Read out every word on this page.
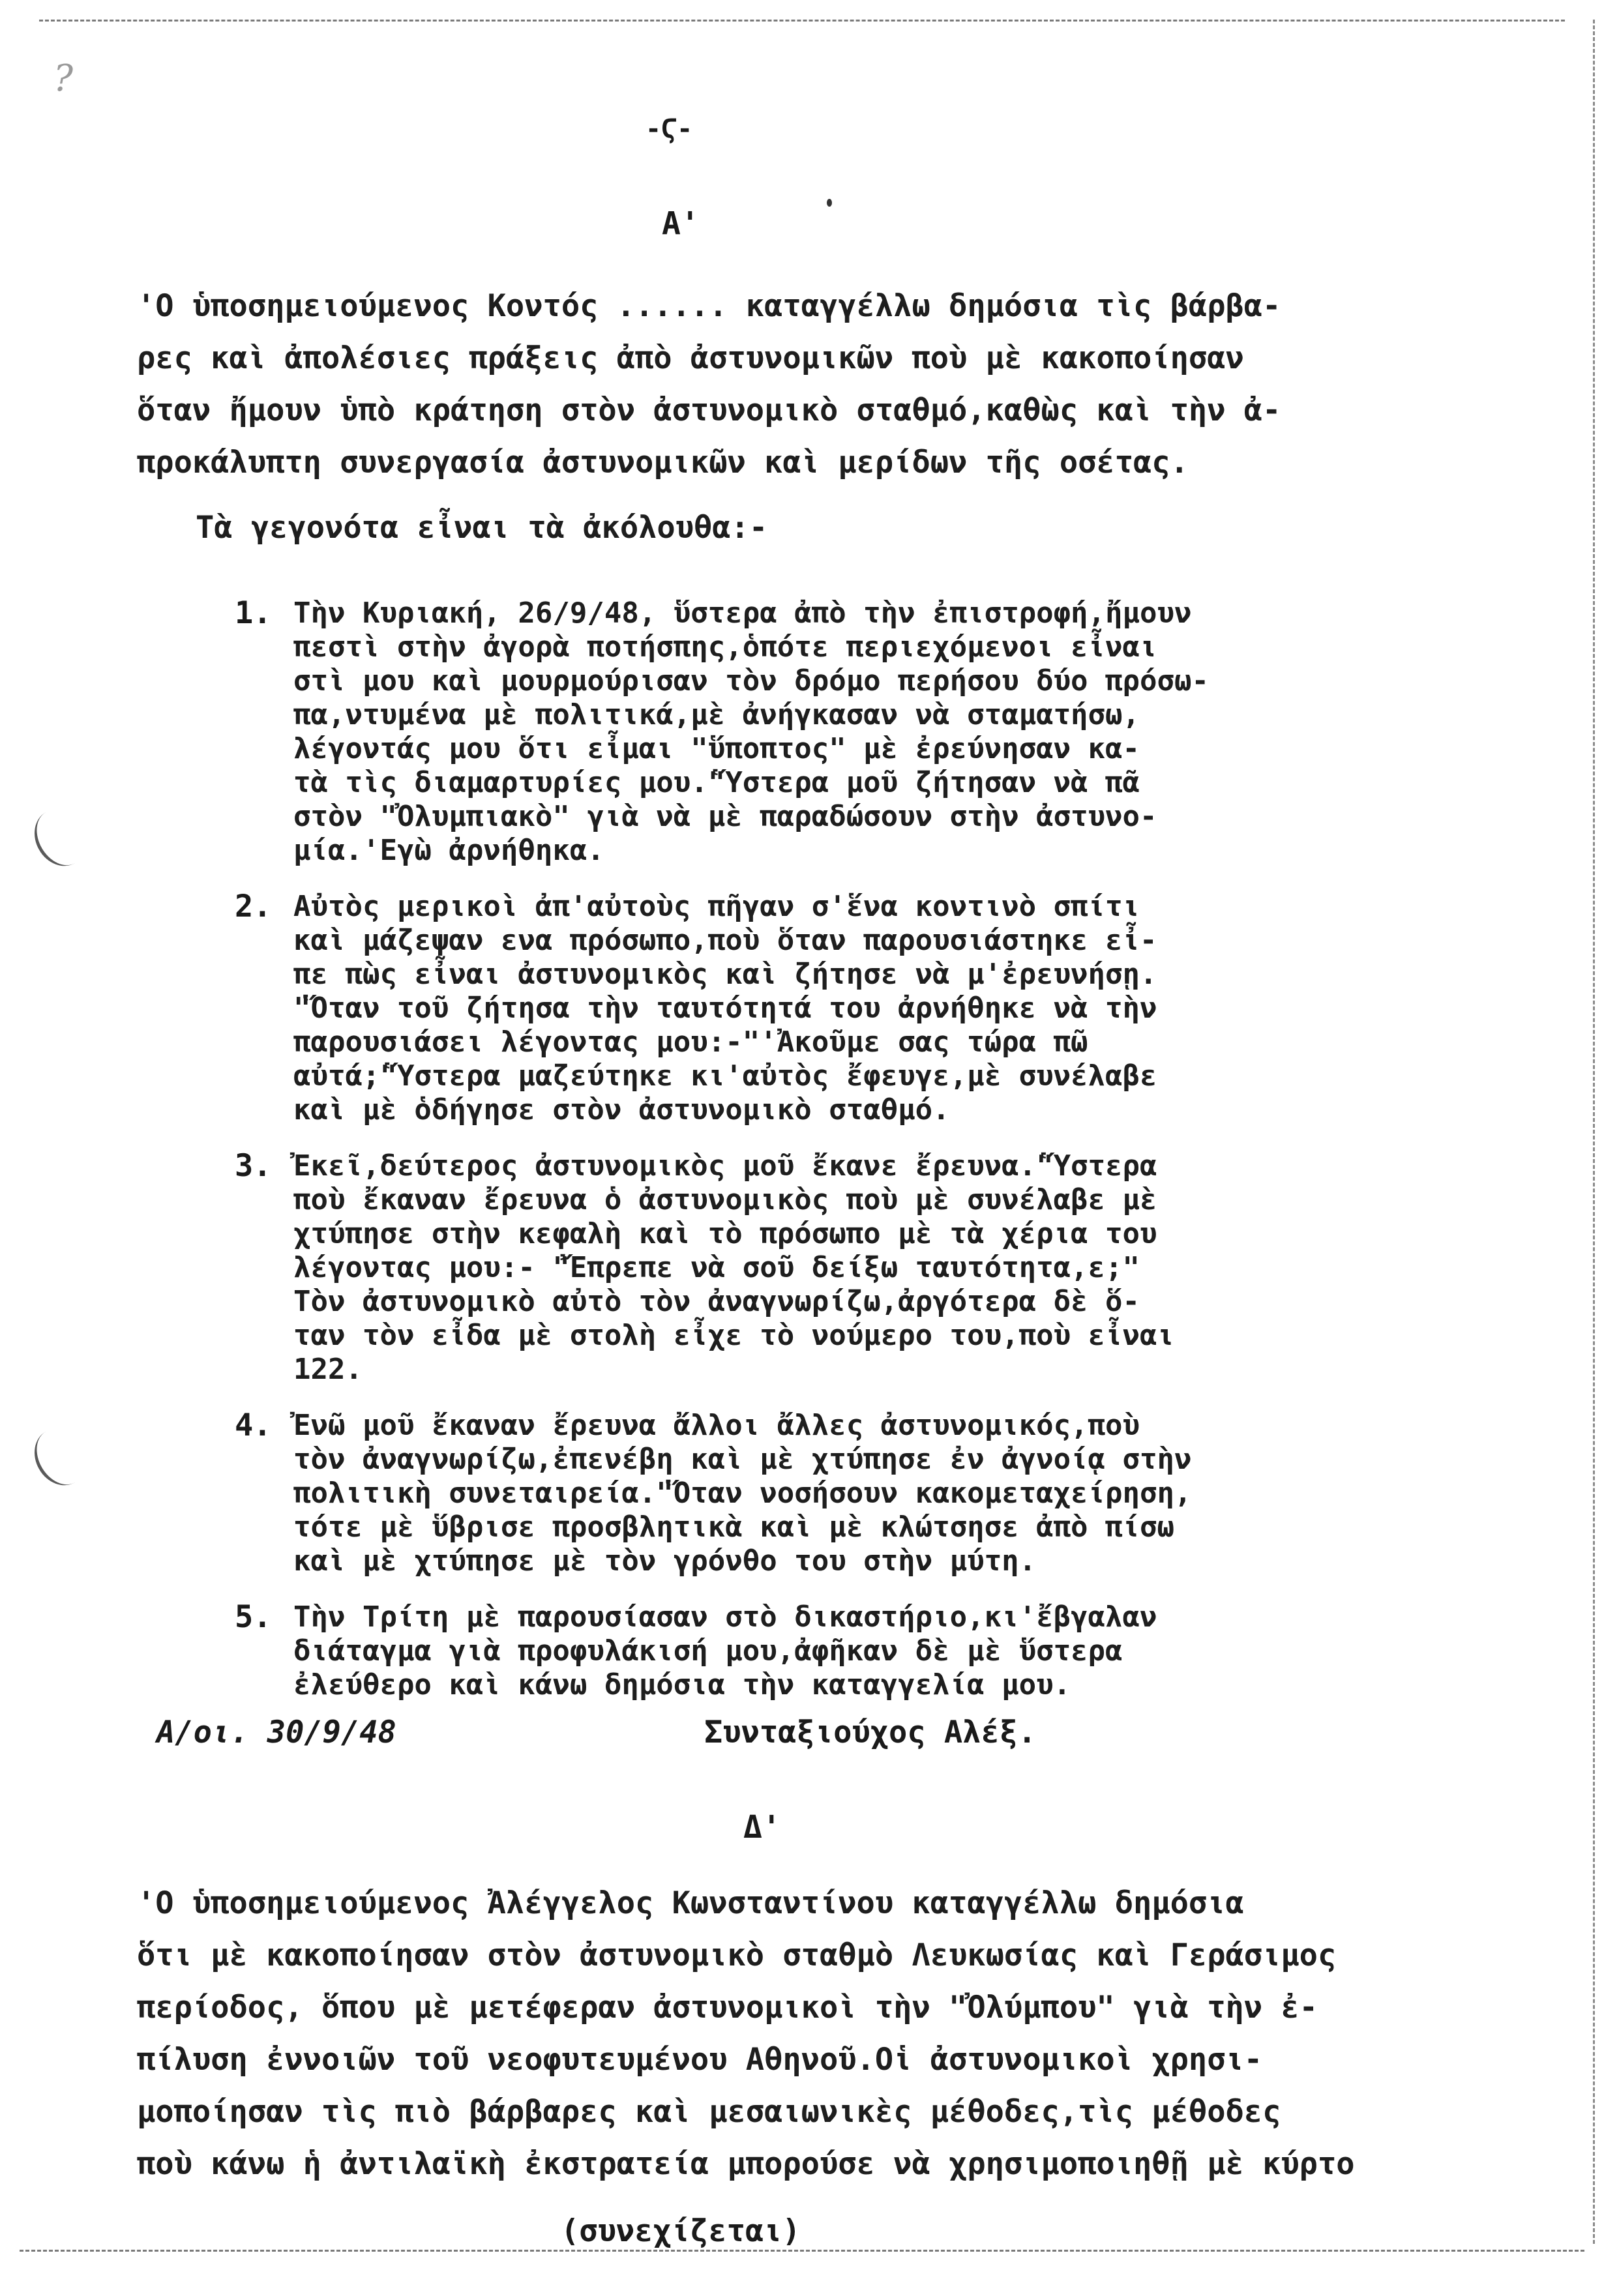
?
-Ϛ-
Α'

'Ο ὑποσημειούμενος Κοντός ...... καταγγέλλω δημόσια τὶς βάρβα-
ρες καὶ ἀπολέσιες πράξεις ἀπὸ ἀστυνομικῶν ποὺ μὲ κακοποίησαν
ὅταν ἤμουν ὑπὸ κράτηση στὸν ἀστυνομικὸ σταθμό,καθὼς καὶ τὴν ἀ-
προκάλυπτη συνεργασία ἀστυνομικῶν καὶ μερίδων τῆς οσέτας.

Τὰ γεγονότα εἶναι τὰ ἀκόλουθα:-

1. Τὴν Κυριακή, 26/9/48, ὕστερα ἀπὸ τὴν ἐπιστροφή,ἤμουν
πεστὶ στὴν ἀγορὰ ποτήσπης,ὁπότε περιεχόμενοι εἶναι
στὶ μου καὶ μουρμούρισαν τὸν δρόμο περήσου δύο πρόσω-
πα,ντυμένα μὲ πολιτικά,μὲ ἀνήγκασαν νὰ σταματήσω,
λέγοντάς μου ὅτι εἶμαι "ὕποπτος" μὲ ἐρεύνησαν κα-
τὰ τὶς διαμαρτυρίες μου."Ὕστερα μοῦ ζήτησαν νὰ πᾶ
στὸν "Ὀλυμπιακὸ" γιὰ νὰ μὲ παραδώσουν στὴν ἀστυνο-
μία.'Εγὼ ἀρνήθηκα.
2. Αὐτὸς μερικοὶ ἀπ'αὐτοὺς πῆγαν σ'ἕνα κοντινὸ σπίτι
καὶ μάζεψαν ενα πρόσωπο,ποὺ ὅταν παρουσιάστηκε εἶ-
πε πὼς εἶναι ἀστυνομικὸς καὶ ζήτησε νὰ μ'ἐρευνήσῃ.
"Ὅταν τοῦ ζήτησα τὴν ταυτότητά του ἀρνήθηκε νὰ τὴν
παρουσιάσει λέγοντας μου:-"'Ἀκοῦμε σας τώρα πῶ
αὐτά;"Ὕστερα μαζεύτηκε κι'αὐτὸς ἔφευγε,μὲ συνέλαβε
καὶ μὲ ὁδήγησε στὸν ἀστυνομικὸ σταθμό.
3. Ἐκεῖ,δεύτερος ἀστυνομικὸς μοῦ ἔκανε ἔρευνα."Ὕστερα
ποὺ ἔκαναν ἔρευνα ὁ ἀστυνομικὸς ποὺ μὲ συνέλαβε μὲ
χτύπησε στὴν κεφαλὴ καὶ τὸ πρόσωπο μὲ τὰ χέρια του
λέγοντας μου:- "Ἔπρεπε νὰ σοῦ δείξω ταυτότητα,ε;"
Τὸν ἀστυνομικὸ αὐτὸ τὸν ἀναγνωρίζω,ἀργότερα δὲ ὅ-
ταν τὸν εἶδα μὲ στολὴ εἶχε τὸ νούμερο του,ποὺ εἶναι
122.
4. Ἐνῶ μοῦ ἔκαναν ἔρευνα ἄλλοι ἄλλες ἀστυνομικός,ποὺ
τὸν ἀναγνωρίζω,ἐπενέβη καὶ μὲ χτύπησε ἐν ἀγνοίᾳ στὴν
πολιτικὴ συνεταιρεία."Ὅταν νοσήσουν κακομεταχείρηση,
τότε μὲ ὕβρισε προσβλητικὰ καὶ μὲ κλώτσησε ἀπὸ πίσω
καὶ μὲ χτύπησε μὲ τὸν γρόνθο του στὴν μύτη.
5. Τὴν Τρίτη μὲ παρουσίασαν στὸ δικαστήριο,κι'ἔβγαλαν
διάταγμα γιὰ προφυλάκισή μου,ἀφῆκαν δὲ μὲ ὕστερα
ἐλεύθερο καὶ κάνω δημόσια τὴν καταγγελία μου.
Α/οι. 30/9/48	Συνταξιούχος Αλέξ.
Δ'

'Ο ὑποσημειούμενος Ἀλέγγελος Κωνσταντίνου καταγγέλλω δημόσια
ὅτι μὲ κακοποίησαν στὸν ἀστυνομικὸ σταθμὸ Λευκωσίας καὶ Γεράσιμος
περίοδος, ὅπου μὲ μετέφεραν ἀστυνομικοὶ τὴν "Ὀλύμπου" γιὰ τὴν ἐ-
πίλυση ἐννοιῶν τοῦ νεοφυτευμένου Αθηνοῦ.Οἱ ἀστυνομικοὶ χρησι-
μοποίησαν τὶς πιὸ βάρβαρες καὶ μεσαιωνικὲς μέθοδες,τὶς μέθοδες
ποὺ κάνω ἡ ἀντιλαϊκὴ ἐκστρατεία μπορούσε νὰ χρησιμοποιηθῇ μὲ κύρτο

(συνεχίζεται)
